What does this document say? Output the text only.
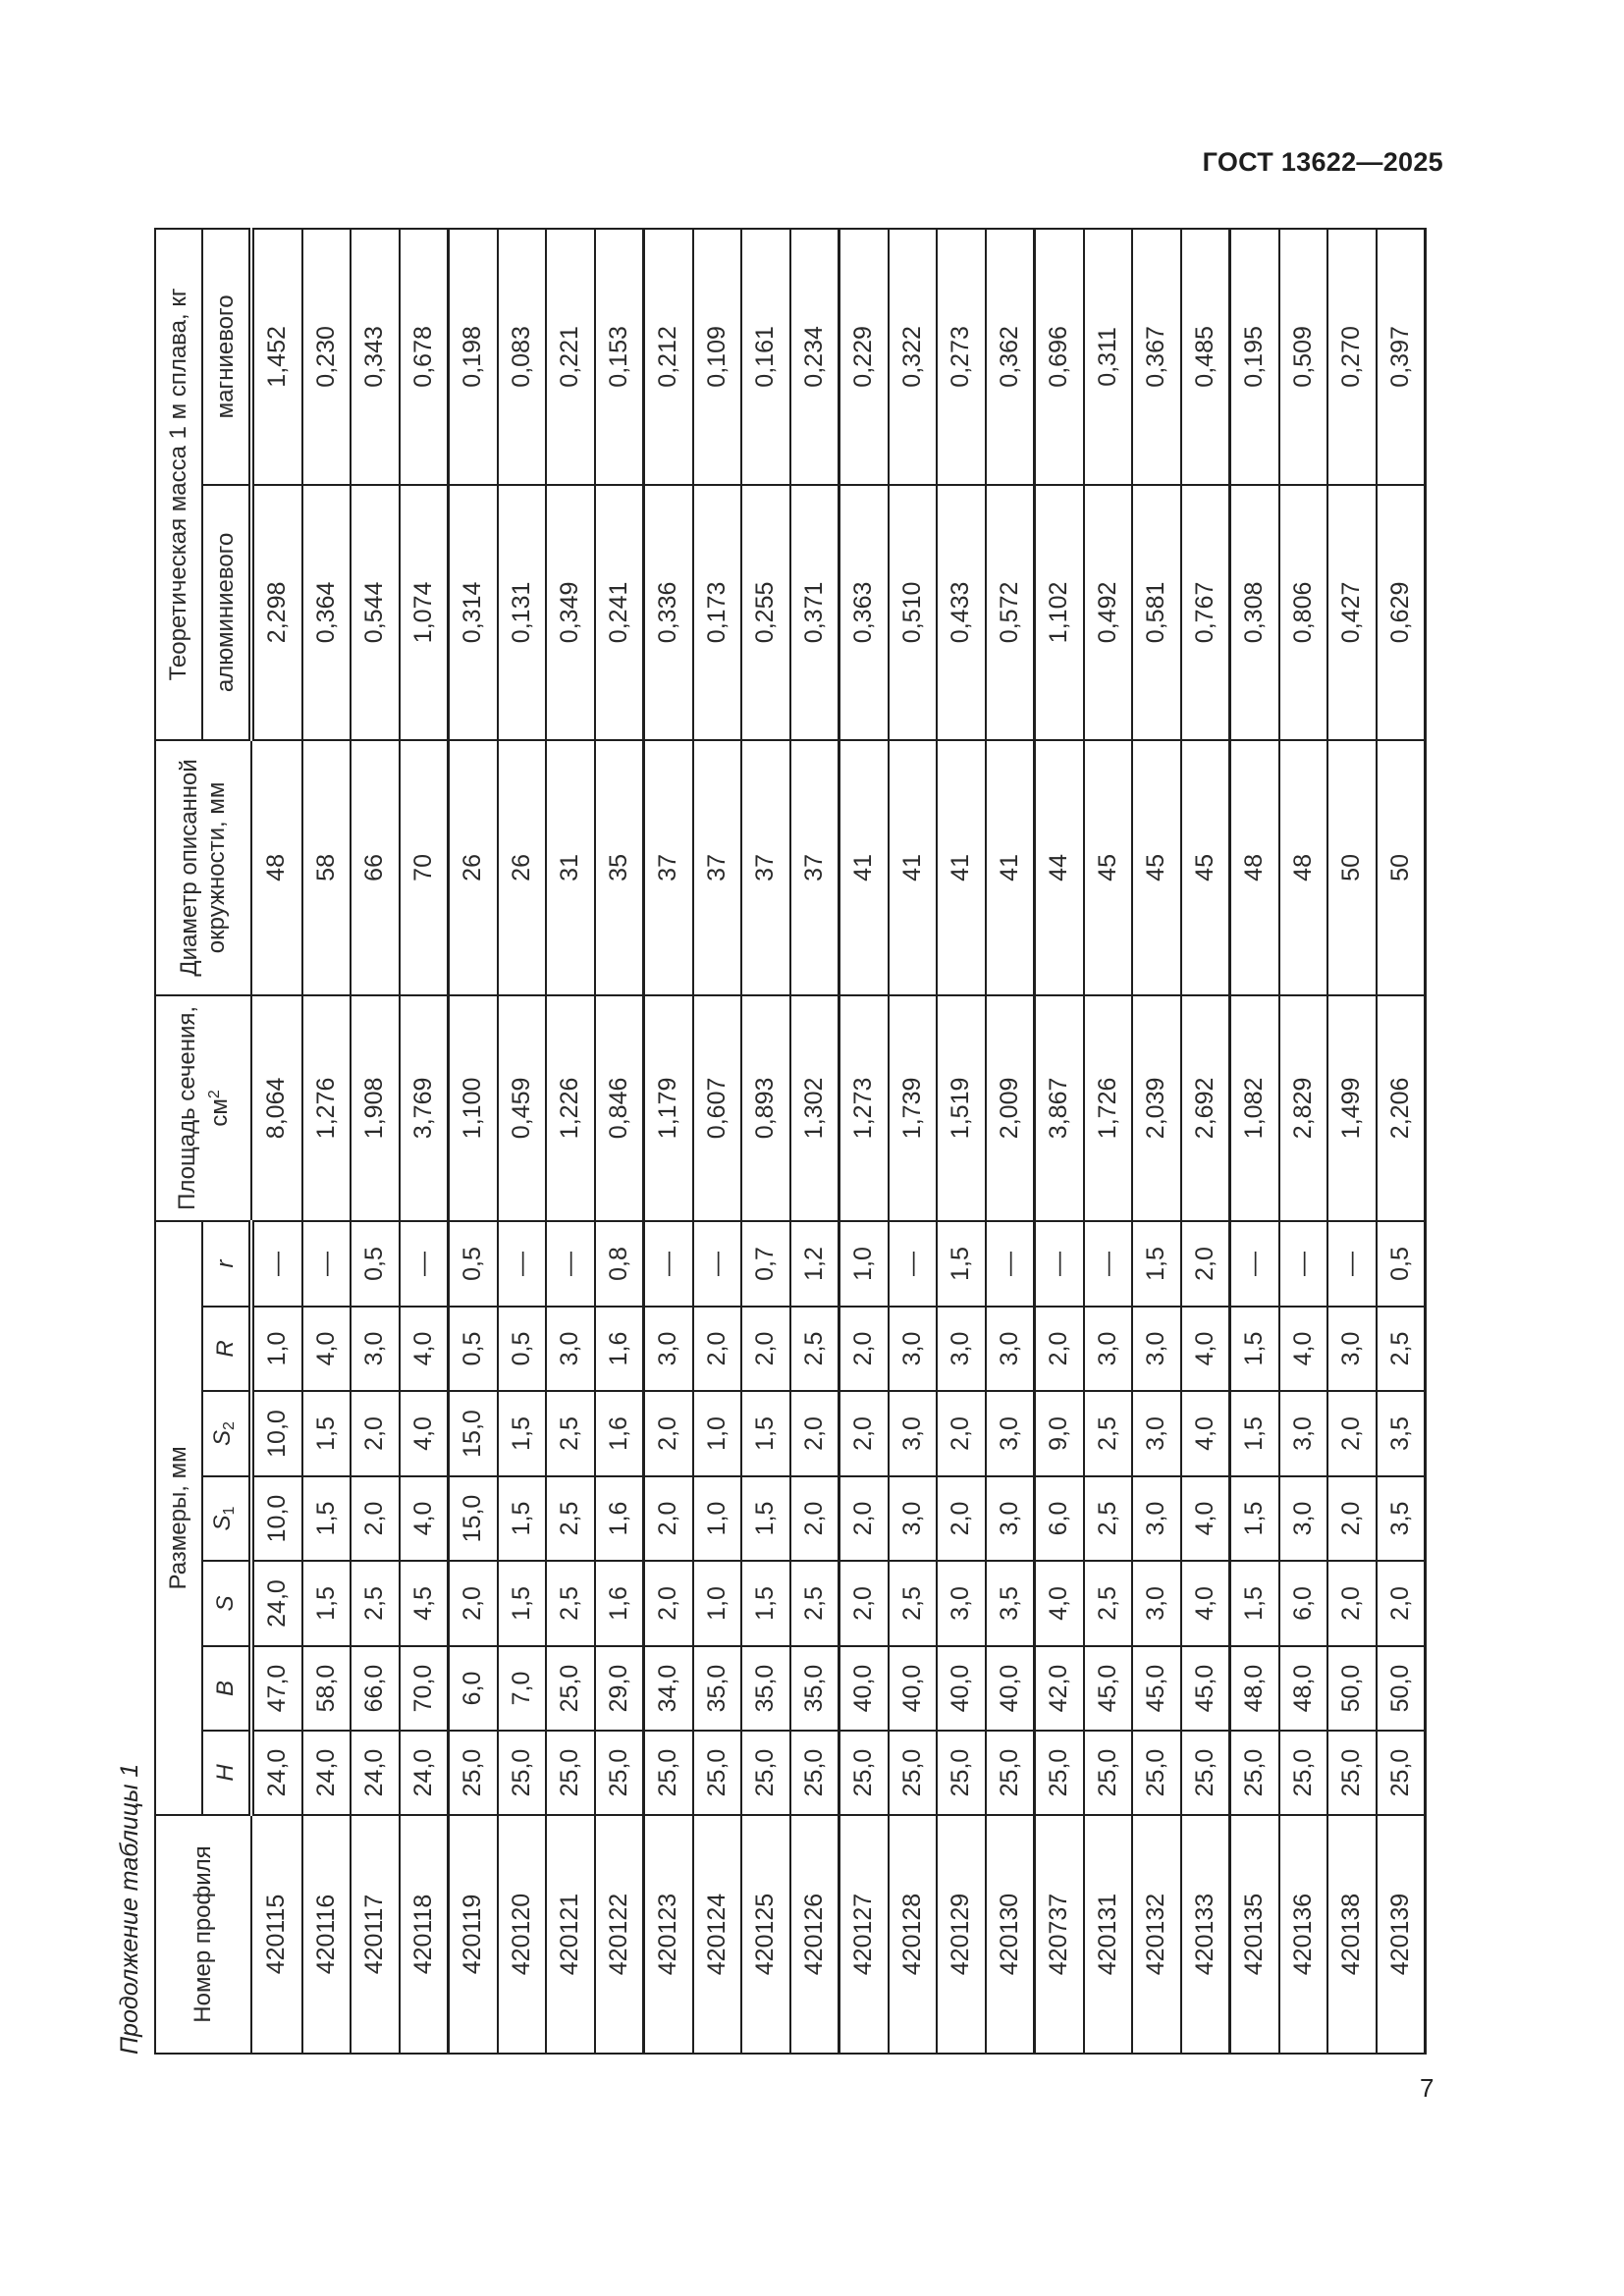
ГОСТ 13622—2025
Продолжение таблицы 1 Номер профиля	Размеры, мм							Площадь сечения, $см^2$	Диаметр описанной окружности, мм	Теоретическая масса 1 м сплава, кг	
	H	B	S	$S_1$	$S_2$	R	r			алюминиевого	магниевого
420115	24,0	47,0	24,0	10,0	10,0	1,0	—	8,064	48	2,298	1,452
420116	24,0	58,0	1,5	1,5	1,5	4,0	—	1,276	58	0,364	0,230
420117	24,0	66,0	2,5	2,0	2,0	3,0	0,5	1,908	66	0,544	0,343
420118	24,0	70,0	4,5	4,0	4,0	4,0	—	3,769	70	1,074	0,678
420119	25,0	6,0	2,0	15,0	15,0	0,5	0,5	1,100	26	0,314	0,198
420120	25,0	7,0	1,5	1,5	1,5	0,5	—	0,459	26	0,131	0,083
420121	25,0	25,0	2,5	2,5	2,5	3,0	—	1,226	31	0,349	0,221
420122	25,0	29,0	1,6	1,6	1,6	1,6	0,8	0,846	35	0,241	0,153
420123	25,0	34,0	2,0	2,0	2,0	3,0	—	1,179	37	0,336	0,212
420124	25,0	35,0	1,0	1,0	1,0	2,0	—	0,607	37	0,173	0,109
420125	25,0	35,0	1,5	1,5	1,5	2,0	0,7	0,893	37	0,255	0,161
420126	25,0	35,0	2,5	2,0	2,0	2,5	1,2	1,302	37	0,371	0,234
420127	25,0	40,0	2,0	2,0	2,0	2,0	1,0	1,273	41	0,363	0,229
420128	25,0	40,0	2,5	3,0	3,0	3,0	—	1,739	41	0,510	0,322
420129	25,0	40,0	3,0	2,0	2,0	3,0	1,5	1,519	41	0,433	0,273
420130	25,0	40,0	3,5	3,0	3,0	3,0	—	2,009	41	0,572	0,362
420737	25,0	42,0	4,0	6,0	9,0	2,0	—	3,867	44	1,102	0,696
420131	25,0	45,0	2,5	2,5	2,5	3,0	—	1,726	45	0,492	0,311
420132	25,0	45,0	3,0	3,0	3,0	3,0	1,5	2,039	45	0,581	0,367
420133	25,0	45,0	4,0	4,0	4,0	4,0	2,0	2,692	45	0,767	0,485
420135	25,0	48,0	1,5	1,5	1,5	1,5	—	1,082	48	0,308	0,195
420136	25,0	48,0	6,0	3,0	3,0	4,0	—	2,829	48	0,806	0,509
420138	25,0	50,0	2,0	2,0	2,0	3,0	—	1,499	50	0,427	0,270
420139	25,0	50,0	2,0	3,5	3,5	2,5	0,5	2,206	50	0,629	0,397
7
